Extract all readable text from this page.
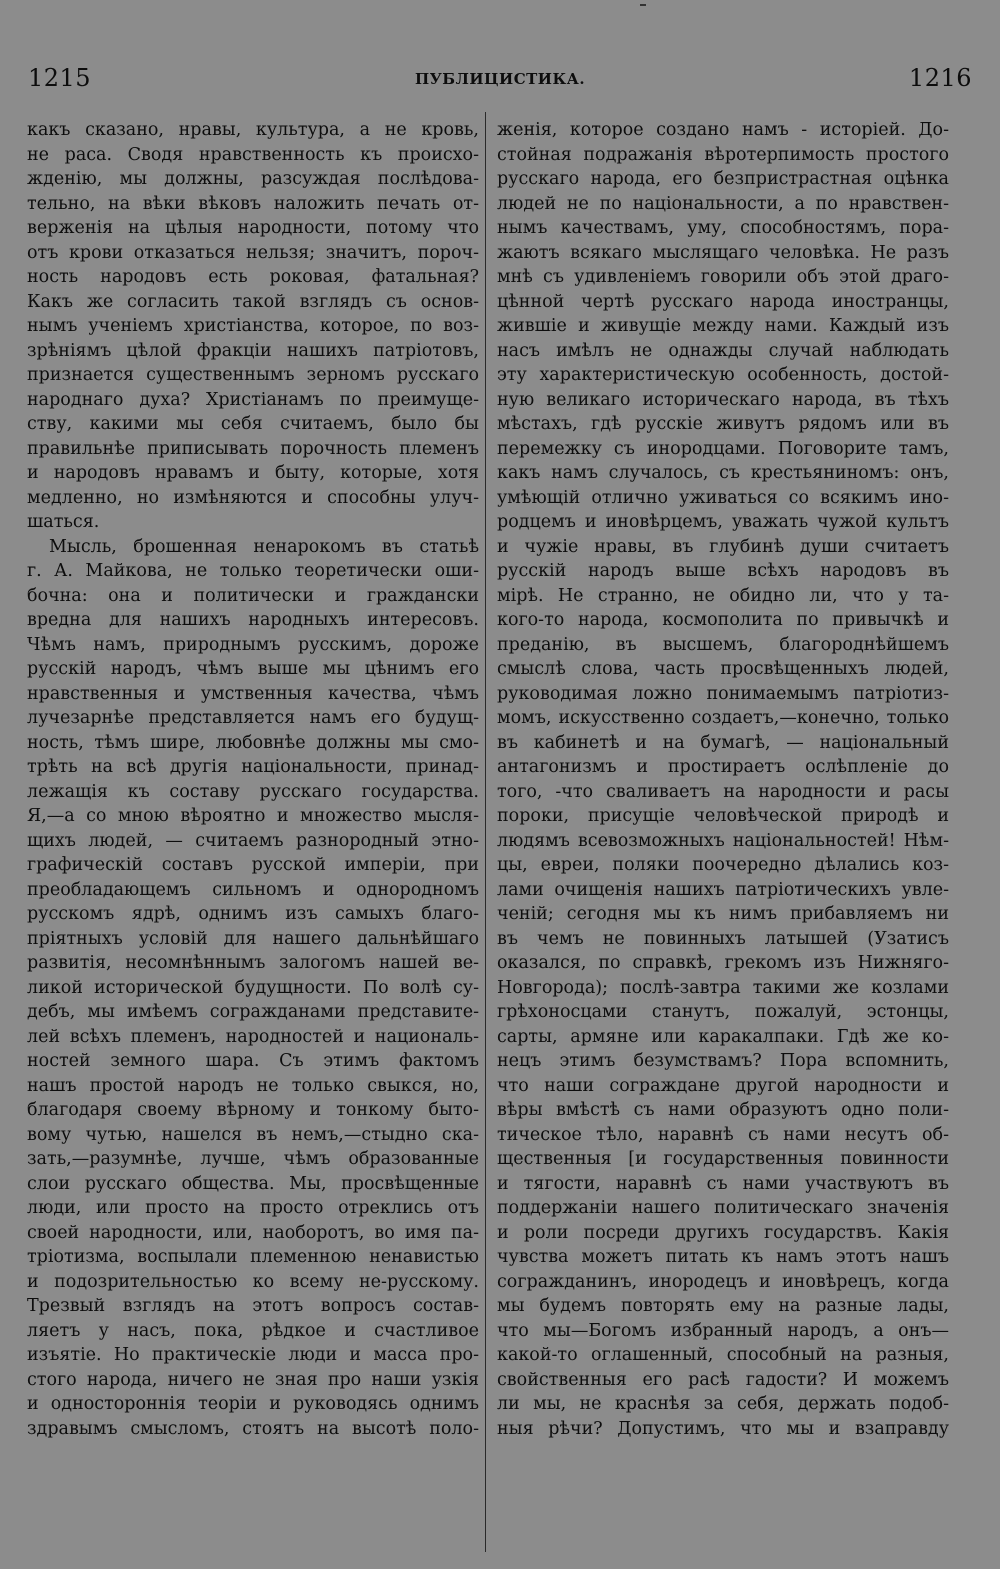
1215	ПУБЛИЦИСТИКА.	1216
какъ сказано, нравы, культура, а не кровь,
не раса. Сводя нравственность къ происхо-
жденію, мы должны, разсуждая послѣдова-
тельно, на вѣки вѣковъ наложить печать от-
верженія на цѣлыя народности, потому что
отъ крови отказаться нельзя; значитъ, пороч-
ность народовъ есть роковая, фатальная?
Какъ же согласить такой взглядъ съ основ-
нымъ ученіемъ христіанства, которое, по воз-
зрѣніямъ цѣлой фракціи нашихъ патріотовъ,
признается существеннымъ зерномъ русскаго
народнаго духа? Христіанамъ по преимуще-
ству, какими мы себя считаемъ, было бы
правильнѣе приписывать порочность племенъ
и народовъ нравамъ и быту, которые, хотя
медленно, но измѣняются и способны улуч-
шаться.
Мысль, брошенная ненарокомъ въ статьѣ
г. А. Майкова, не только теоретически оши-
бочна: она и политически и граждански
вредна для нашихъ народныхъ интересовъ.
Чѣмъ намъ, природнымъ русскимъ, дороже
русскій народъ, чѣмъ выше мы цѣнимъ его
нравственныя и умственныя качества, чѣмъ
лучезарнѣе представляется намъ его будущ-
ность, тѣмъ шире, любовнѣе должны мы смо-
трѣть на всѣ другія національности, принад-
лежащія къ составу русскаго государства.
Я,—а со мною вѣроятно и множество мысля-
щихъ людей, — считаемъ разнородный этно-
графическій составъ русской имперіи, при
преобладающемъ сильномъ и однородномъ
русскомъ ядрѣ, однимъ изъ самыхъ благо-
пріятныхъ условій для нашего дальнѣйшаго
развитія, несомнѣннымъ залогомъ нашей ве-
ликой исторической будущности. По волѣ су-
дебъ, мы имѣемъ согражданами представите-
лей всѣхъ племенъ, народностей и националь-
ностей земного шара. Съ этимъ фактомъ
нашъ простой народъ не только свыкся, но,
благодаря своему вѣрному и тонкому быто-
вому чутью, нашелся въ немъ,—стыдно ска-
зать,—разумнѣе, лучше, чѣмъ образованные
слои русскаго общества. Мы, просвѣщенные
люди, или просто на просто отреклись отъ
своей народности, или, наоборотъ, во имя па-
тріотизма, воспылали племенною ненавистью
и подозрительностью ко всему не-русскому.
Трезвый взглядъ на этотъ вопросъ состав-
ляетъ у насъ, пока, рѣдкое и счастливое
изъятіе. Но практическіе люди и масса про-
стого народа, ничего не зная про наши узкія
и одностороннія теоріи и руководясь однимъ
здравымъ смысломъ, стоятъ на высотѣ поло-
женія, которое создано намъ - исторіей. До-
стойная подражанія вѣротерпимость простого
русскаго народа, его безпристрастная оцѣнка
людей не по національности, а по нравствен-
нымъ качествамъ, уму, способностямъ, пора-
жаютъ всякаго мыслящаго человѣка. Не разъ
мнѣ съ удивленіемъ говорили объ этой драго-
цѣнной чертѣ русскаго народа иностранцы,
жившіе и живущіе между нами. Каждый изъ
насъ имѣлъ не однажды случай наблюдать
эту характеристическую особенность, достой-
ную великаго историческаго народа, въ тѣхъ
мѣстахъ, гдѣ русскіе живутъ рядомъ или въ
перемежку съ инородцами. Поговорите тамъ,
какъ намъ случалось, съ крестьяниномъ: онъ,
умѣющій отлично уживаться со всякимъ ино-
родцемъ и иновѣрцемъ, уважать чужой культъ
и чужіе нравы, въ глубинѣ души считаетъ
русскій народъ выше всѣхъ народовъ въ
мірѣ. Не странно, не обидно ли, что у та-
кого-то народа, космополита по привычкѣ и
преданію, въ высшемъ, благороднѣйшемъ
смыслѣ слова, часть просвѣщенныхъ людей,
руководимая ложно понимаемымъ патріотиз-
момъ, искусственно создаетъ,—конечно, только
въ кабинетѣ и на бумагѣ, — національный
антагонизмъ и простираетъ ослѣпленіе до
того, -что сваливаетъ на народности и расы
пороки, присущіе человѣческой природѣ и
людямъ всевозможныхъ національностей! Нѣм-
цы, евреи, поляки поочередно дѣлались коз-
лами очищенія нашихъ патріотическихъ увле-
ченій; сегодня мы къ нимъ прибавляемъ ни
въ чемъ не повинныхъ латышей (Узатисъ
оказался, по справкѣ, грекомъ изъ Нижняго-
Новгорода); послѣ-завтра такими же козлами
грѣхоносцами станутъ, пожалуй, эстонцы,
сарты, армяне или каракалпаки. Гдѣ же ко-
нецъ этимъ безумствамъ? Пора вспомнить,
что наши сограждане другой народности и
вѣры вмѣстѣ съ нами образуютъ одно поли-
тическое тѣло, наравнѣ съ нами несутъ об-
щественныя [и государственныя повинности
и тягости, наравнѣ съ нами участвуютъ въ
поддержаніи нашего политическаго значенія
и роли посреди другихъ государствъ. Какія
чувства можетъ питать къ намъ этотъ нашъ
согражданинъ, инородецъ и иновѣрецъ, когда
мы будемъ повторять ему на разные лады,
что мы—Богомъ избранный народъ, а онъ—
какой-то оглашенный, способный на разныя,
свойственныя его расѣ гадости? И можемъ
ли мы, не краснѣя за себя, держать подоб-
ныя рѣчи? Допустимъ, что мы и взаправду
